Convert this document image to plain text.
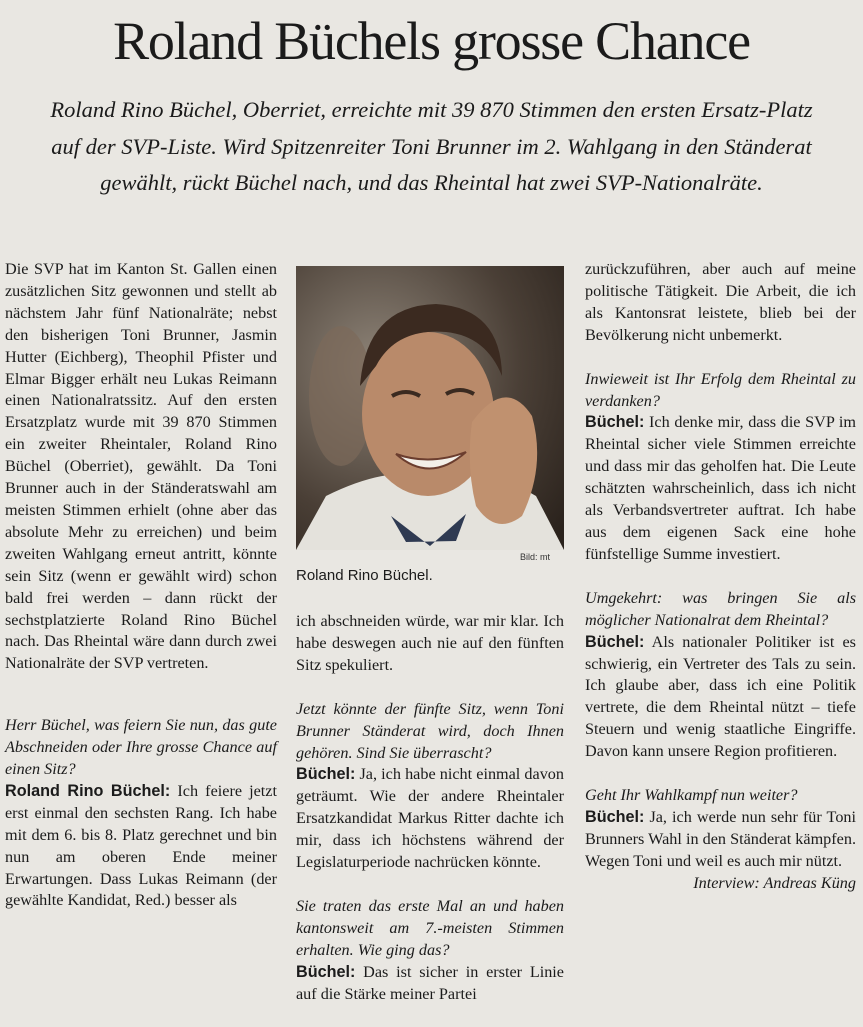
Roland Büchels grosse Chance

Roland Rino Büchel, Oberriet, erreichte mit 39 870 Stimmen den ersten Ersatz-Platz auf der SVP-Liste. Wird Spitzenreiter Toni Brunner im 2. Wahlgang in den Ständerat gewählt, rückt Büchel nach, und das Rheintal hat zwei SVP-Nationalräte.

Die SVP hat im Kanton St. Gallen einen zusätzlichen Sitz gewonnen und stellt ab nächstem Jahr fünf Nationalräte; nebst den bisherigen Toni Brunner, Jasmin Hutter (Eichberg), Theophil Pfister und Elmar Bigger erhält neu Lukas Reimann einen Nationalratssitz. Auf den ersten Ersatzplatz wurde mit 39 870 Stimmen ein zweiter Rheintaler, Roland Rino Büchel (Oberriet), gewählt. Da Toni Brunner auch in der Ständeratswahl am meisten Stimmen erhielt (ohne aber das absolute Mehr zu erreichen) und beim zweiten Wahlgang erneut antritt, könnte sein Sitz (wenn er gewählt wird) schon bald frei werden – dann rückt der sechstplatzierte Roland Rino Büchel nach. Das Rheintal wäre dann durch zwei Nationalräte der SVP vertreten.

Herr Büchel, was feiern Sie nun, das gute Abschneiden oder Ihre grosse Chance auf einen Sitz?

Roland Rino Büchel: Ich feiere jetzt erst einmal den sechsten Rang. Ich habe mit dem 6. bis 8. Platz gerechnet und bin nun am oberen Ende meiner Erwartungen. Dass Lukas Reimann (der gewählte Kandidat, Red.) besser als

Bild: mt
Roland Rino Büchel.

ich abschneiden würde, war mir klar. Ich habe deswegen auch nie auf den fünften Sitz spekuliert.

Jetzt könnte der fünfte Sitz, wenn Toni Brunner Ständerat wird, doch Ihnen gehören. Sind Sie überrascht?

Büchel: Ja, ich habe nicht einmal davon geträumt. Wie der andere Rheintaler Ersatzkandidat Markus Ritter dachte ich mir, dass ich höchstens während der Legislaturperiode nachrücken könnte.

Sie traten das erste Mal an und haben kantonsweit am 7.-meisten Stimmen erhalten. Wie ging das?

Büchel: Das ist sicher in erster Linie auf die Stärke meiner Partei

zurückzuführen, aber auch auf meine politische Tätigkeit. Die Arbeit, die ich als Kantonsrat leistete, blieb bei der Bevölkerung nicht unbemerkt.

Inwieweit ist Ihr Erfolg dem Rheintal zu verdanken?

Büchel: Ich denke mir, dass die SVP im Rheintal sicher viele Stimmen erreichte und dass mir das geholfen hat. Die Leute schätzten wahrscheinlich, dass ich nicht als Verbandsvertreter auftrat. Ich habe aus dem eigenen Sack eine hohe fünfstellige Summe investiert.

Umgekehrt: was bringen Sie als möglicher Nationalrat dem Rheintal?

Büchel: Als nationaler Politiker ist es schwierig, ein Vertreter des Tals zu sein. Ich glaube aber, dass ich eine Politik vertrete, die dem Rheintal nützt – tiefe Steuern und wenig staatliche Eingriffe. Davon kann unsere Region profitieren.

Geht Ihr Wahlkampf nun weiter?

Büchel: Ja, ich werde nun sehr für Toni Brunners Wahl in den Ständerat kämpfen. Wegen Toni und weil es auch mir nützt.

Interview: Andreas Küng
